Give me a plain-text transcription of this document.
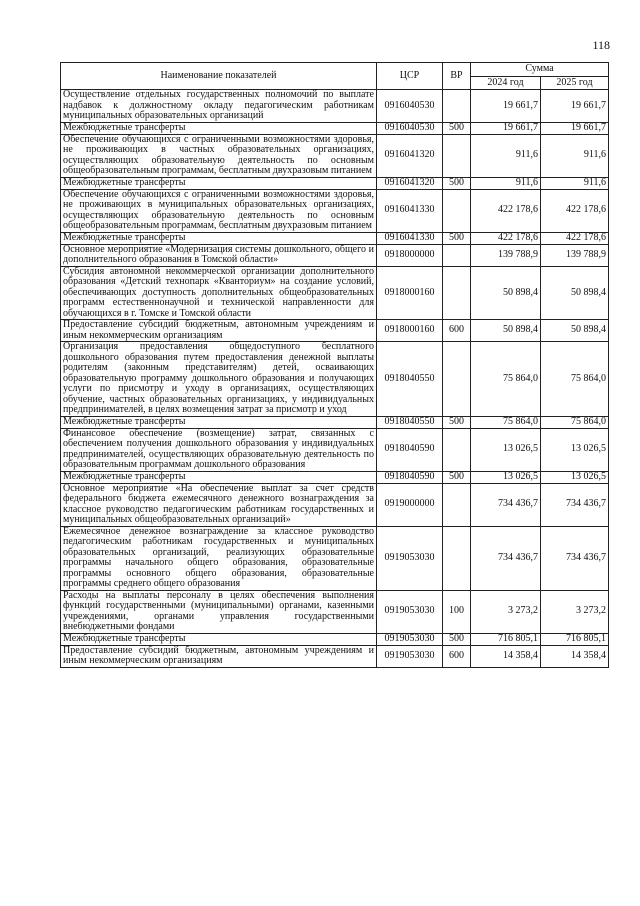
118
Наименование показателей	ЦСР	ВР	Сумма	
			2024 год	2025 год
Осуществление отдельных государственных полномочий по выплате надбавок к должностному окладу педагогическим работникам муниципальных образовательных организаций	0916040530		19 661,7	19 661,7
Межбюджетные трансферты	0916040530	500	19 661,7	19 661,7
Обеспечение обучающихся с ограниченными возможностями здоровья, не проживающих в частных образовательных организациях, осуществляющих образовательную деятельность по основным общеобразовательным программам, бесплатным двухразовым питанием	0916041320		911,6	911,6
Межбюджетные трансферты	0916041320	500	911,6	911,6
Обеспечение обучающихся с ограниченными возможностями здоровья, не проживающих в муниципальных образовательных организациях, осуществляющих образовательную деятельность по основным общеобразовательным программам, бесплатным двухразовым питанием	0916041330		422 178,6	422 178,6
Межбюджетные трансферты	0916041330	500	422 178,6	422 178,6
Основное мероприятие «Модернизация системы дошкольного, общего и дополнительного образования в Томской области»	0918000000		139 788,9	139 788,9
Субсидия автономной некоммерческой организации дополнительного образования «Детский технопарк «Кванториум» на создание условий, обеспечивающих доступность дополнительных общеобразовательных программ естественнонаучной и технической направленности для обучающихся в г. Томске и Томской области	0918000160		50 898,4	50 898,4
Предоставление субсидий бюджетным, автономным учреждениям и иным некоммерческим организациям	0918000160	600	50 898,4	50 898,4
Организация предоставления общедоступного бесплатного дошкольного образования путем предоставления денежной выплаты родителям (законным представителям) детей, осваивающих образовательную программу дошкольного образования и получающих услуги по присмотру и уходу в организациях, осуществляющих обучение, частных образовательных организациях, у индивидуальных предпринимателей, в целях возмещения затрат за присмотр и уход	0918040550		75 864,0	75 864,0
Межбюджетные трансферты	0918040550	500	75 864,0	75 864,0
Финансовое обеспечение (возмещение) затрат, связанных с обеспечением получения дошкольного образования у индивидуальных предпринимателей, осуществляющих образовательную деятельность по образовательным программам дошкольного образования	0918040590		13 026,5	13 026,5
Межбюджетные трансферты	0918040590	500	13 026,5	13 026,5
Основное мероприятие «На обеспечение выплат за счет средств федерального бюджета ежемесячного денежного вознаграждения за классное руководство педагогическим работникам государственных и муниципальных общеобразовательных организаций»	0919000000		734 436,7	734 436,7
Ежемесячное денежное вознаграждение за классное руководство педагогическим работникам государственных и муниципальных образовательных организаций, реализующих образовательные программы начального общего образования, образовательные программы основного общего образования, образовательные программы среднего общего образования	0919053030		734 436,7	734 436,7
Расходы на выплаты персоналу в целях обеспечения выполнения функций государственными (муниципальными) органами, казенными учреждениями, органами управления государственными внебюджетными фондами	0919053030	100	3 273,2	3 273,2
Межбюджетные трансферты	0919053030	500	716 805,1	716 805,1
Предоставление субсидий бюджетным, автономным учреждениям и иным некоммерческим организациям	0919053030	600	14 358,4	14 358,4
